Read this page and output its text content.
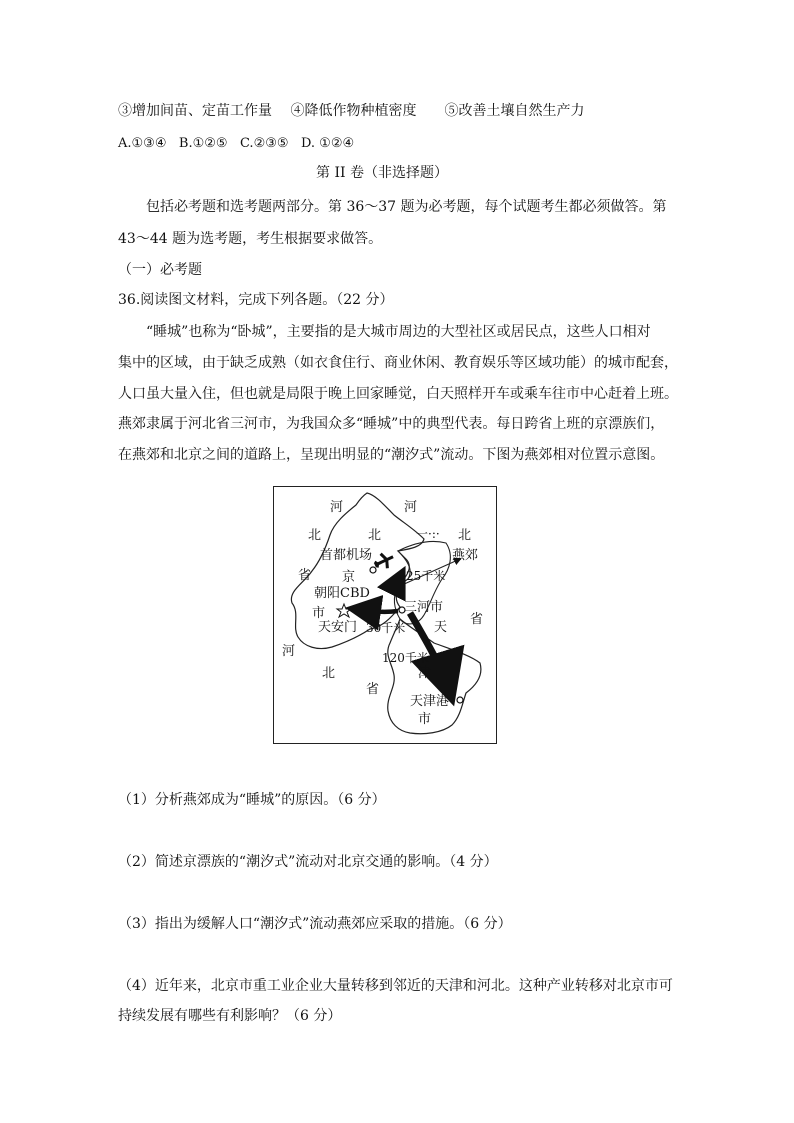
③增加间苗、定苗工作量　 ④降低作物种植密度　　⑤改善土壤自然生产力
A.①③④ B.①②⑤ C.②③⑤ D. ①②④
第 II 卷（非选择题）
包括必考题和选考题两部分。第 36～37 题为必考题，每个试题考生都必须做答。第
43～44 题为选考题，考生根据要求做答。
（一）必考题
36.阅读图文材料，完成下列各题。（22 分）
“睡城”也称为“卧城”，主要指的是大城市周边的大型社区或居民点，这些人口相对
集中的区域，由于缺乏成熟（如衣食住行、商业休闲、教育娱乐等区域功能）的城市配套，
人口虽大量入住，但也就是局限于晚上回家睡觉，白天照样开车或乘车往市中心赶着上班。
燕郊隶属于河北省三河市，为我国众多“睡城”中的典型代表。每日跨省上班的京漂族们，
在燕郊和北京之间的道路上，呈现出明显的“潮汐式”流动。下图为燕郊相对位置示意图。
河	河
北	北	一·:· 北
首都机场	燕郊
省 京	25千米
朝阳CBD
市	三河市
天安门 30千米 天
省
河	120千米
津
北
省
天津港
市
（1）分析燕郊成为“睡城”的原因。（6 分）
（2）简述京漂族的“潮汐式”流动对北京交通的影响。（4 分）
（3）指出为缓解人口“潮汐式”流动燕郊应采取的措施。（6 分）
（4）近年来，北京市重工业企业大量转移到邻近的天津和河北。这种产业转移对北京市可
持续发展有哪些有利影响？（6 分）
